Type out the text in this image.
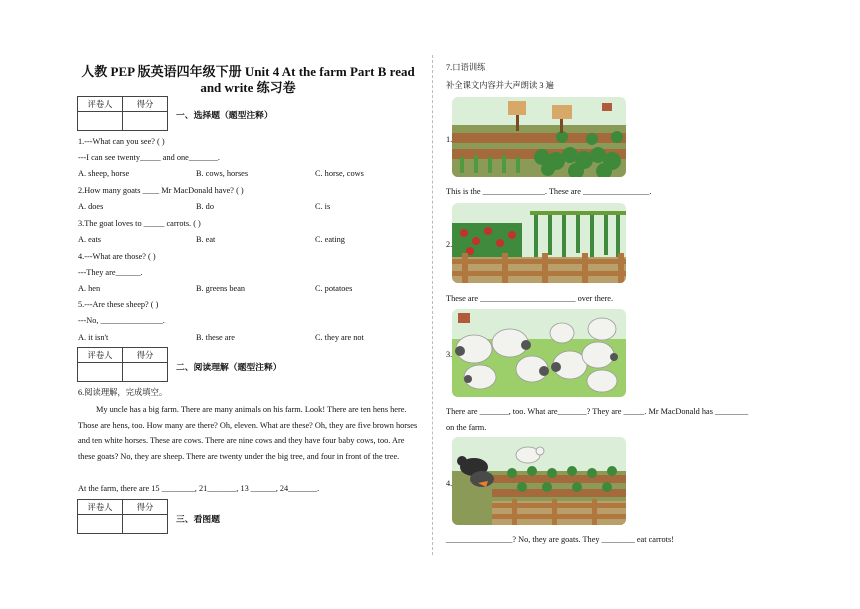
人教 PEP 版英语四年级下册 Unit 4 At the farm Part B read
and write 练习卷
评卷人	得分

一、选择题（题型注释）
1.---What can you see? ( )
---I can see twenty_____ and one_______.
A. sheep, horse	B. cows, horses	C. horse, cows
2.How many goats ____ Mr MacDonald have? ( )
A. does	B. do	C. is
3.The goat loves to _____ carrots. ( )
A. eats	B. eat	C. eating
4.---What are those? ( )
---They are______.
A. hen	B. greens bean	C. potatoes
5.---Are these sheep? ( )
---No, _______________.
A. it isn't	B. these are	C. they are not
评卷人	得分

二、阅读理解（题型注释）
6.阅读理解，完成填空。
My uncle has a big farm. There are many animals on his farm. Look! There are ten hens here. Those are hens, too. How many are there? Oh, eleven. What are these? Oh, they are five brown horses and ten white horses. These are cows. There are nine cows and they have four baby cows, too. Are these goats? No, they are sheep. There are twenty under the big tree, and four in front of the tree.
At the farm, there are 15 ________, 21_______, 13 ______, 24_______.
评卷人	得分

三、看图题
7.口语训练
补全课文内容并大声朗读 3 遍
1.
This is the _______________. These are ________________.
2.
These are _______________________ over there.
3.
There are _______, too. What are_______? They are _____. Mr MacDonald has ________
on the farm.
4.
________________? No, they are goats. They ________ eat carrots!
